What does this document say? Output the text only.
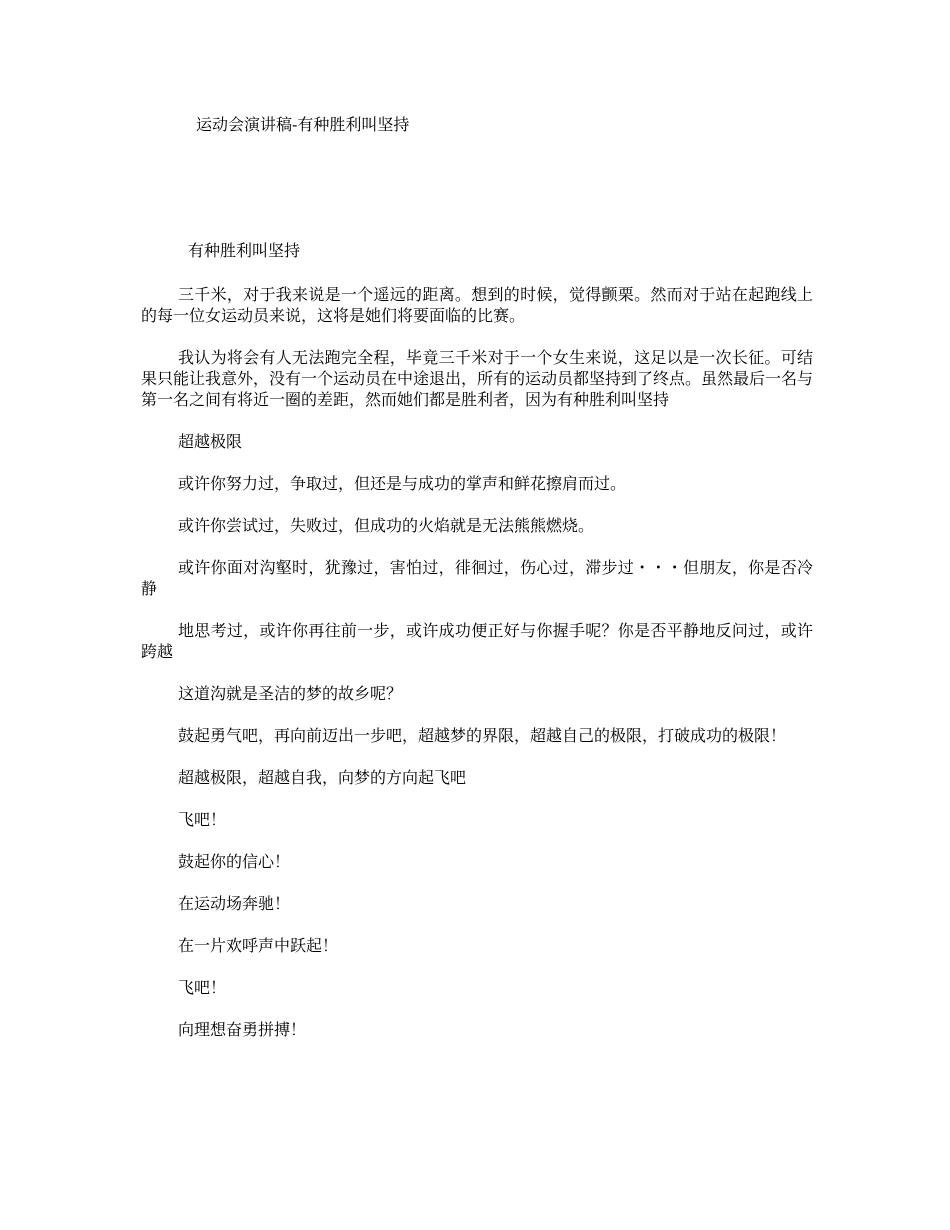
运动会演讲稿-有种胜利叫坚持
有种胜利叫坚持

三千米，对于我来说是一个遥远的距离。想到的时候，觉得颤栗。然而对于站在起跑线上的每一位女运动员来说，这将是她们将要面临的比赛。

我认为将会有人无法跑完全程，毕竟三千米对于一个女生来说，这足以是一次长征。可结果只能让我意外，没有一个运动员在中途退出，所有的运动员都坚持到了终点。虽然最后一名与第一名之间有将近一圈的差距，然而她们都是胜利者，因为有种胜利叫坚持

超越极限

或许你努力过，争取过，但还是与成功的掌声和鲜花擦肩而过。

或许你尝试过，失败过，但成功的火焰就是无法熊熊燃烧。

或许你面对沟壑时，犹豫过，害怕过，徘徊过，伤心过，滞步过・・・但朋友，你是否冷静

地思考过，或许你再往前一步，或许成功便正好与你握手呢？你是否平静地反问过，或许跨越

这道沟就是圣洁的梦的故乡呢？

鼓起勇气吧，再向前迈出一步吧，超越梦的界限，超越自己的极限，打破成功的极限！

超越极限，超越自我，向梦的方向起飞吧

飞吧！

鼓起你的信心！

在运动场奔驰！

在一片欢呼声中跃起！

飞吧！

向理想奋勇拼搏！
